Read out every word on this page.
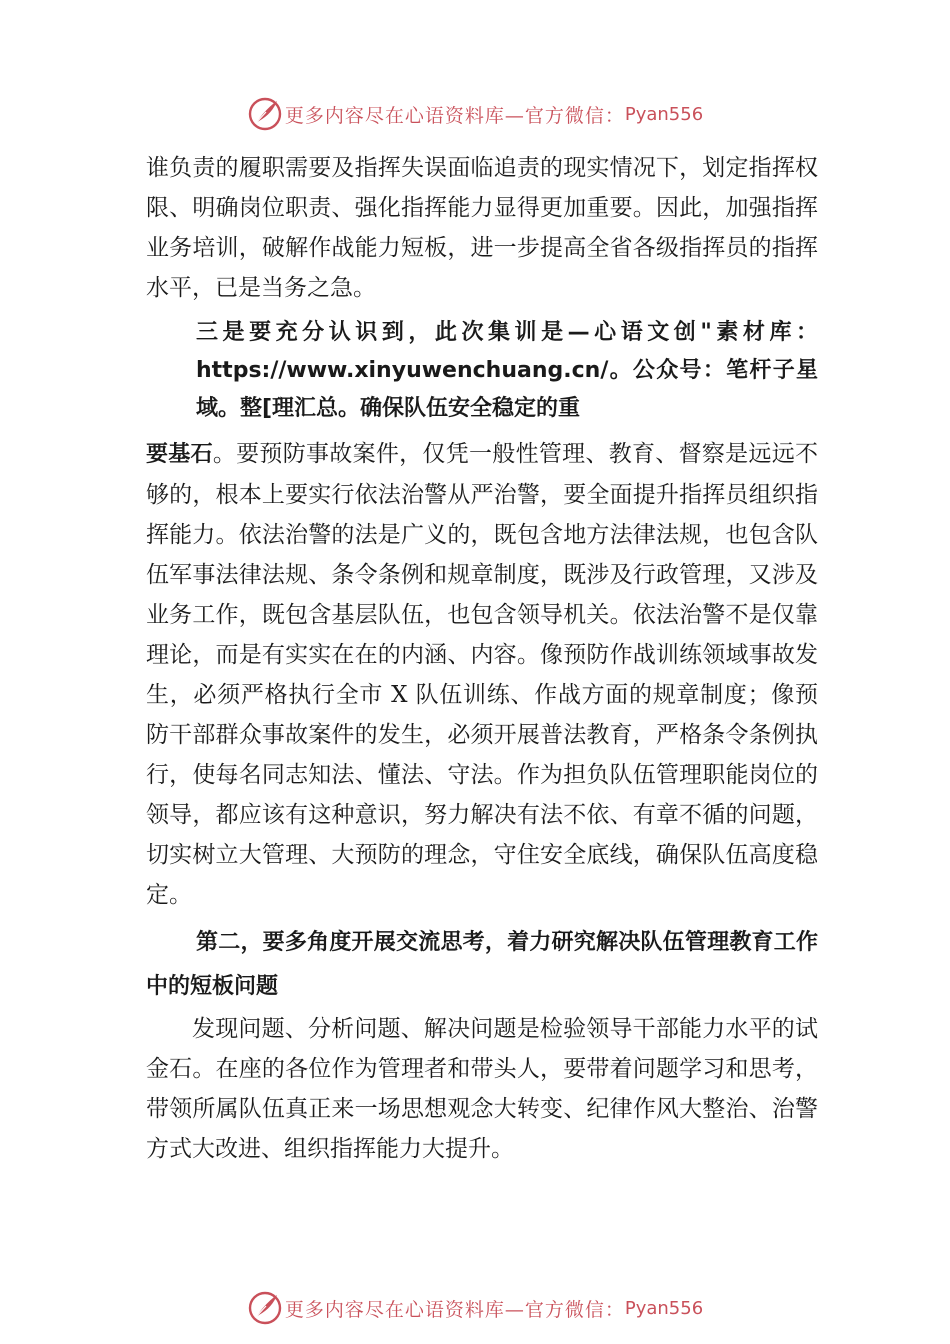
更多内容尽在心语资料库—官方微信： Pyan556

谁负责的履职需要及指挥失误面临追责的现实情况下，划定指挥权限、明确岗位职责、强化指挥能力显得更加重要。因此，加强指挥业务培训，破解作战能力短板，进一步提高全省各级指挥员的指挥水平，已是当务之急。

三是要充分认识到，此次集训是—心语文创"素材库：https://www.xinyuwenchuang.cn/。公众号：笔杆子星域。整[理汇总。确保队伍安全稳定的重

要基石。要预防事故案件，仅凭一般性管理、教育、督察是远远不够的，根本上要实行依法治警从严治警，要全面提升指挥员组织指挥能力。依法治警的法是广义的，既包含地方法律法规，也包含队伍军事法律法规、条令条例和规章制度，既涉及行政管理，又涉及业务工作，既包含基层队伍，也包含领导机关。依法治警不是仅靠理论，而是有实实在在的内涵、内容。像预防作战训练领域事故发生，必须严格执行全市 X 队伍训练、作战方面的规章制度；像预防干部群众事故案件的发生，必须开展普法教育，严格条令条例执行，使每名同志知法、懂法、守法。作为担负队伍管理职能岗位的领导，都应该有这种意识，努力解决有法不依、有章不循的问题，切实树立大管理、大预防的理念，守住安全底线，确保队伍高度稳定。

第二，要多角度开展交流思考，着力研究解决队伍管理教育工作中的短板问题

发现问题、分析问题、解决问题是检验领导干部能力水平的试金石。在座的各位作为管理者和带头人，要带着问题学习和思考，带领所属队伍真正来一场思想观念大转变、纪律作风大整治、治警方式大改进、组织指挥能力大提升。

更多内容尽在心语资料库—官方微信： Pyan556
